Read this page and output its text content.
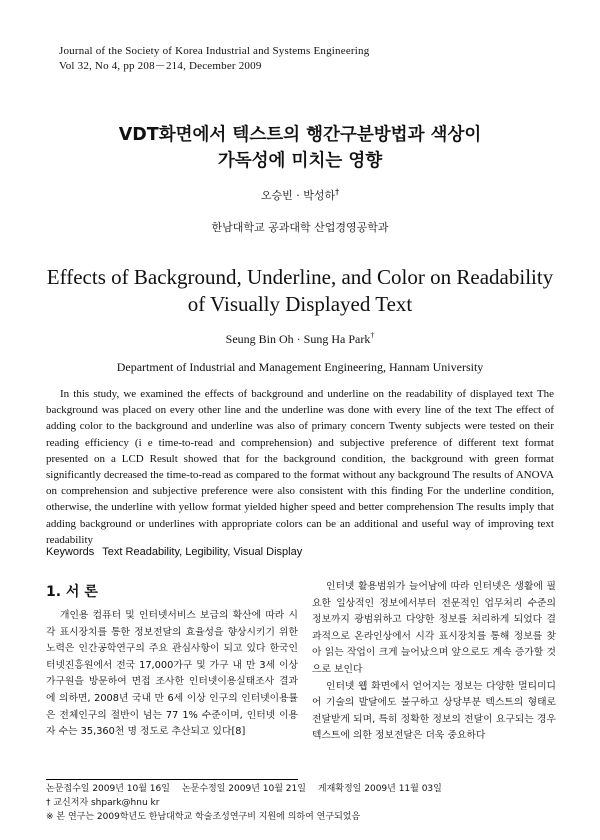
Journal of the Society of Korea Industrial and Systems Engineering
Vol 32, No 4, pp 208－214, December 2009
VDT화면에서 텍스트의 행간구분방법과 색상이
가독성에 미치는 영향
오승빈 · 박성하†
한남대학교 공과대학 산업경영공학과
Effects of Background, Underline, and Color on Readability
of Visually Displayed Text
Seung Bin Oh · Sung Ha Park†
Department of Industrial and Management Engineering, Hannam University
In this study, we examined the effects of background and underline on the readability of displayed text The background was placed on every other line and the underline was done with every line of the text The effect of adding color to the background and underline was also of primary concern Twenty subjects were tested on their reading efficiency (i e time-to-read and comprehension) and subjective preference of different text format presented on a LCD Result showed that for the background condition, the background with green format significantly decreased the time-to-read as compared to the format without any background The results of ANOVA on comprehension and subjective preference were also consistent with this finding For the underline condition, otherwise, the underline with yellow format yielded higher speed and better comprehension The results imply that adding background or underlines with appropriate colors can be an additional and useful way of improving text readability
Keywords Text Readability, Legibility, Visual Display
1. 서 론

개인용 컴퓨터 및 인터넷서비스 보급의 확산에 따라 시각 표시장치를 통한 정보전달의 효율성을 향상시키기 위한 노력은 인간공학연구의 주요 관심사항이 되고 있다 한국인터넷진흥원에서 전국 17,000가구 및 가구 내 만 3세 이상 가구원을 방문하여 면접 조사한 인터넷이용실태조사 결과에 의하면, 2008년 국내 만 6세 이상 인구의 인터넷이용률은 전체인구의 절반이 넘는 77 1% 수준이며, 인터넷 이용자 수는 35,360천 명 정도로 추산되고 있다[8]

인터넷 활용범위가 늘어남에 따라 인터넷은 생활에 필요한 일상적인 정보에서부터 전문적인 업무처리 수준의 정보까지 광범위하고 다양한 정보를 처리하게 되었다 결과적으로 온라인상에서 시각 표시장치를 통해 정보를 찾아 읽는 작업이 크게 늘어났으며 앞으로도 계속 증가할 것으로 보인다

인터넷 웹 화면에서 얻어지는 정보는 다양한 멀티미디어 기술의 발달에도 불구하고 상당부분 텍스트의 형태로 전달받게 되며, 특히 정확한 정보의 전달이 요구되는 경우 텍스트에 의한 정보전달은 더욱 중요하다

논문접수일 2009년 10월 16일 논문수정일 2009년 10월 21일 게재확정일 2009년 11월 03일
† 교신저자 shpark@hnu kr
※ 본 연구는 2009학년도 한남대학교 학술조성연구비 지원에 의하여 연구되었음
